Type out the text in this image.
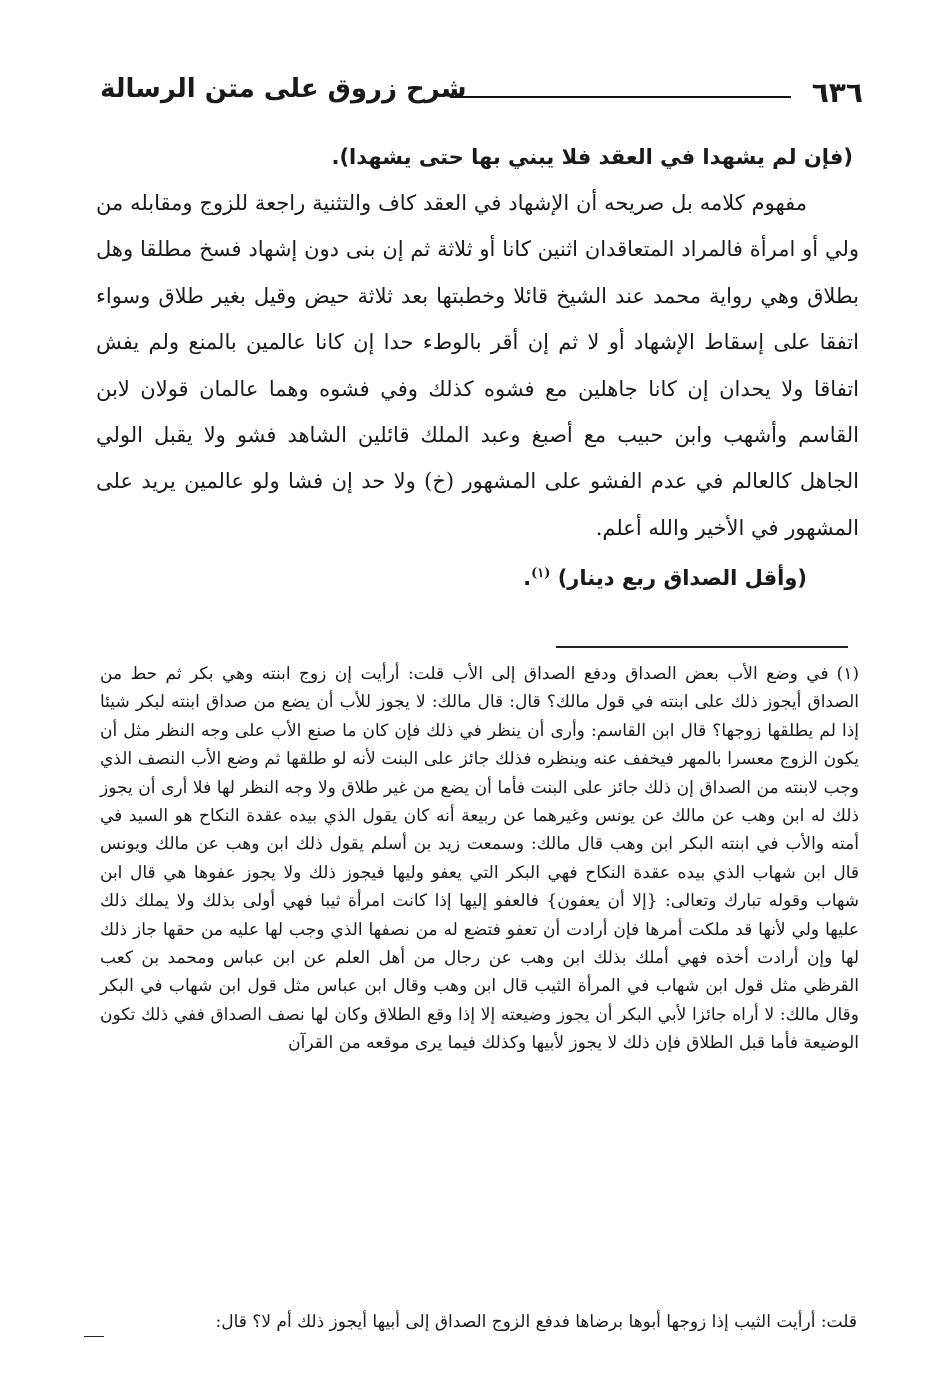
٦٣٦
شرح زروق على متن الرسالة

(فإن لم يشهدا في العقد فلا يبني بها حتى يشهدا).

مفهوم كلامه بل صريحه أن الإشهاد في العقد كاف والتثنية راجعة للزوج ومقابله من ولي أو امرأة فالمراد المتعاقدان اثنين كانا أو ثلاثة ثم إن بنى دون إشهاد فسخ مطلقا وهل بطلاق وهي رواية محمد عند الشيخ قائلا وخطبتها بعد ثلاثة حيض وقيل بغير طلاق وسواء اتفقا على إسقاط الإشهاد أو لا ثم إن أقر بالوطء حدا إن كانا عالمين بالمنع ولم يفش اتفاقا ولا يحدان إن كانا جاهلين مع فشوه كذلك وفي فشوه وهما عالمان قولان لابن القاسم وأشهب وابن حبيب مع أصبغ وعبد الملك قائلين الشاهد فشو ولا يقبل الولي الجاهل كالعالم في عدم الفشو على المشهور (خ) ولا حد إن فشا ولو عالمين يريد على المشهور في الأخير والله أعلم.

(وأقل الصداق ربع دينار) $^{(١)}$.

(١)في وضع الأب بعض الصداق ودفع الصداق إلى الأب قلت: أرأيت إن زوج ابنته وهي بكر ثم حط من الصداق أيجوز ذلك على ابنته في قول مالك؟ قال: قال مالك: لا يجوز للأب أن يضع من صداق ابنته لبكر شيئا إذا لم يطلقها زوجها؟ قال ابن القاسم: وأرى أن ينظر في ذلك فإن كان ما صنع الأب على وجه النظر مثل أن يكون الزوج معسرا بالمهر فيخفف عنه وينظره فذلك جائز على البنت لأنه لو طلقها ثم وضع الأب النصف الذي وجب لابنته من الصداق إن ذلك جائز على البنت فأما أن يضع من غير طلاق ولا وجه النظر لها فلا أرى أن يجوز ذلك له ابن وهب عن مالك عن يونس وغيرهما عن ربيعة أنه كان يقول الذي بيده عقدة النكاح هو السيد في أمته والأب في ابنته البكر ابن وهب قال مالك: وسمعت زيد بن أسلم يقول ذلك ابن وهب عن مالك ويونس قال ابن شهاب الذي بيده عقدة النكاح فهي البكر التي يعفو وليها فيجوز ذلك ولا يجوز عفوها هي قال ابن شهاب وقوله تبارك وتعالى: {إلا أن يعفون} فالعفو إليها إذا كانت امرأة ثيبا فهي أولى بذلك ولا يملك ذلك عليها ولي لأنها قد ملكت أمرها فإن أرادت أن تعفو فتضع له من نصفها الذي وجب لها عليه من حقها جاز ذلك لها وإن أرادت أخذه فهي أملك بذلك ابن وهب عن رجال من أهل العلم عن ابن عباس ومحمد بن كعب القرظي مثل قول ابن شهاب في المرأة الثيب قال ابن وهب وقال ابن عباس مثل قول ابن شهاب في البكر وقال مالك: لا أراه جائزا لأبي البكر أن يجوز وضيعته إلا إذا وقع الطلاق وكان لها نصف الصداق ففي ذلك تكون الوضيعة فأما قبل الطلاق فإن ذلك لا يجوز لأبيها وكذلك فيما يرى موقعه من القرآن

قلت: أرأيت الثيب إذا زوجها أبوها برضاها فدفع الزوج الصداق إلى أبيها أيجوز ذلك أم لا؟ قال:
